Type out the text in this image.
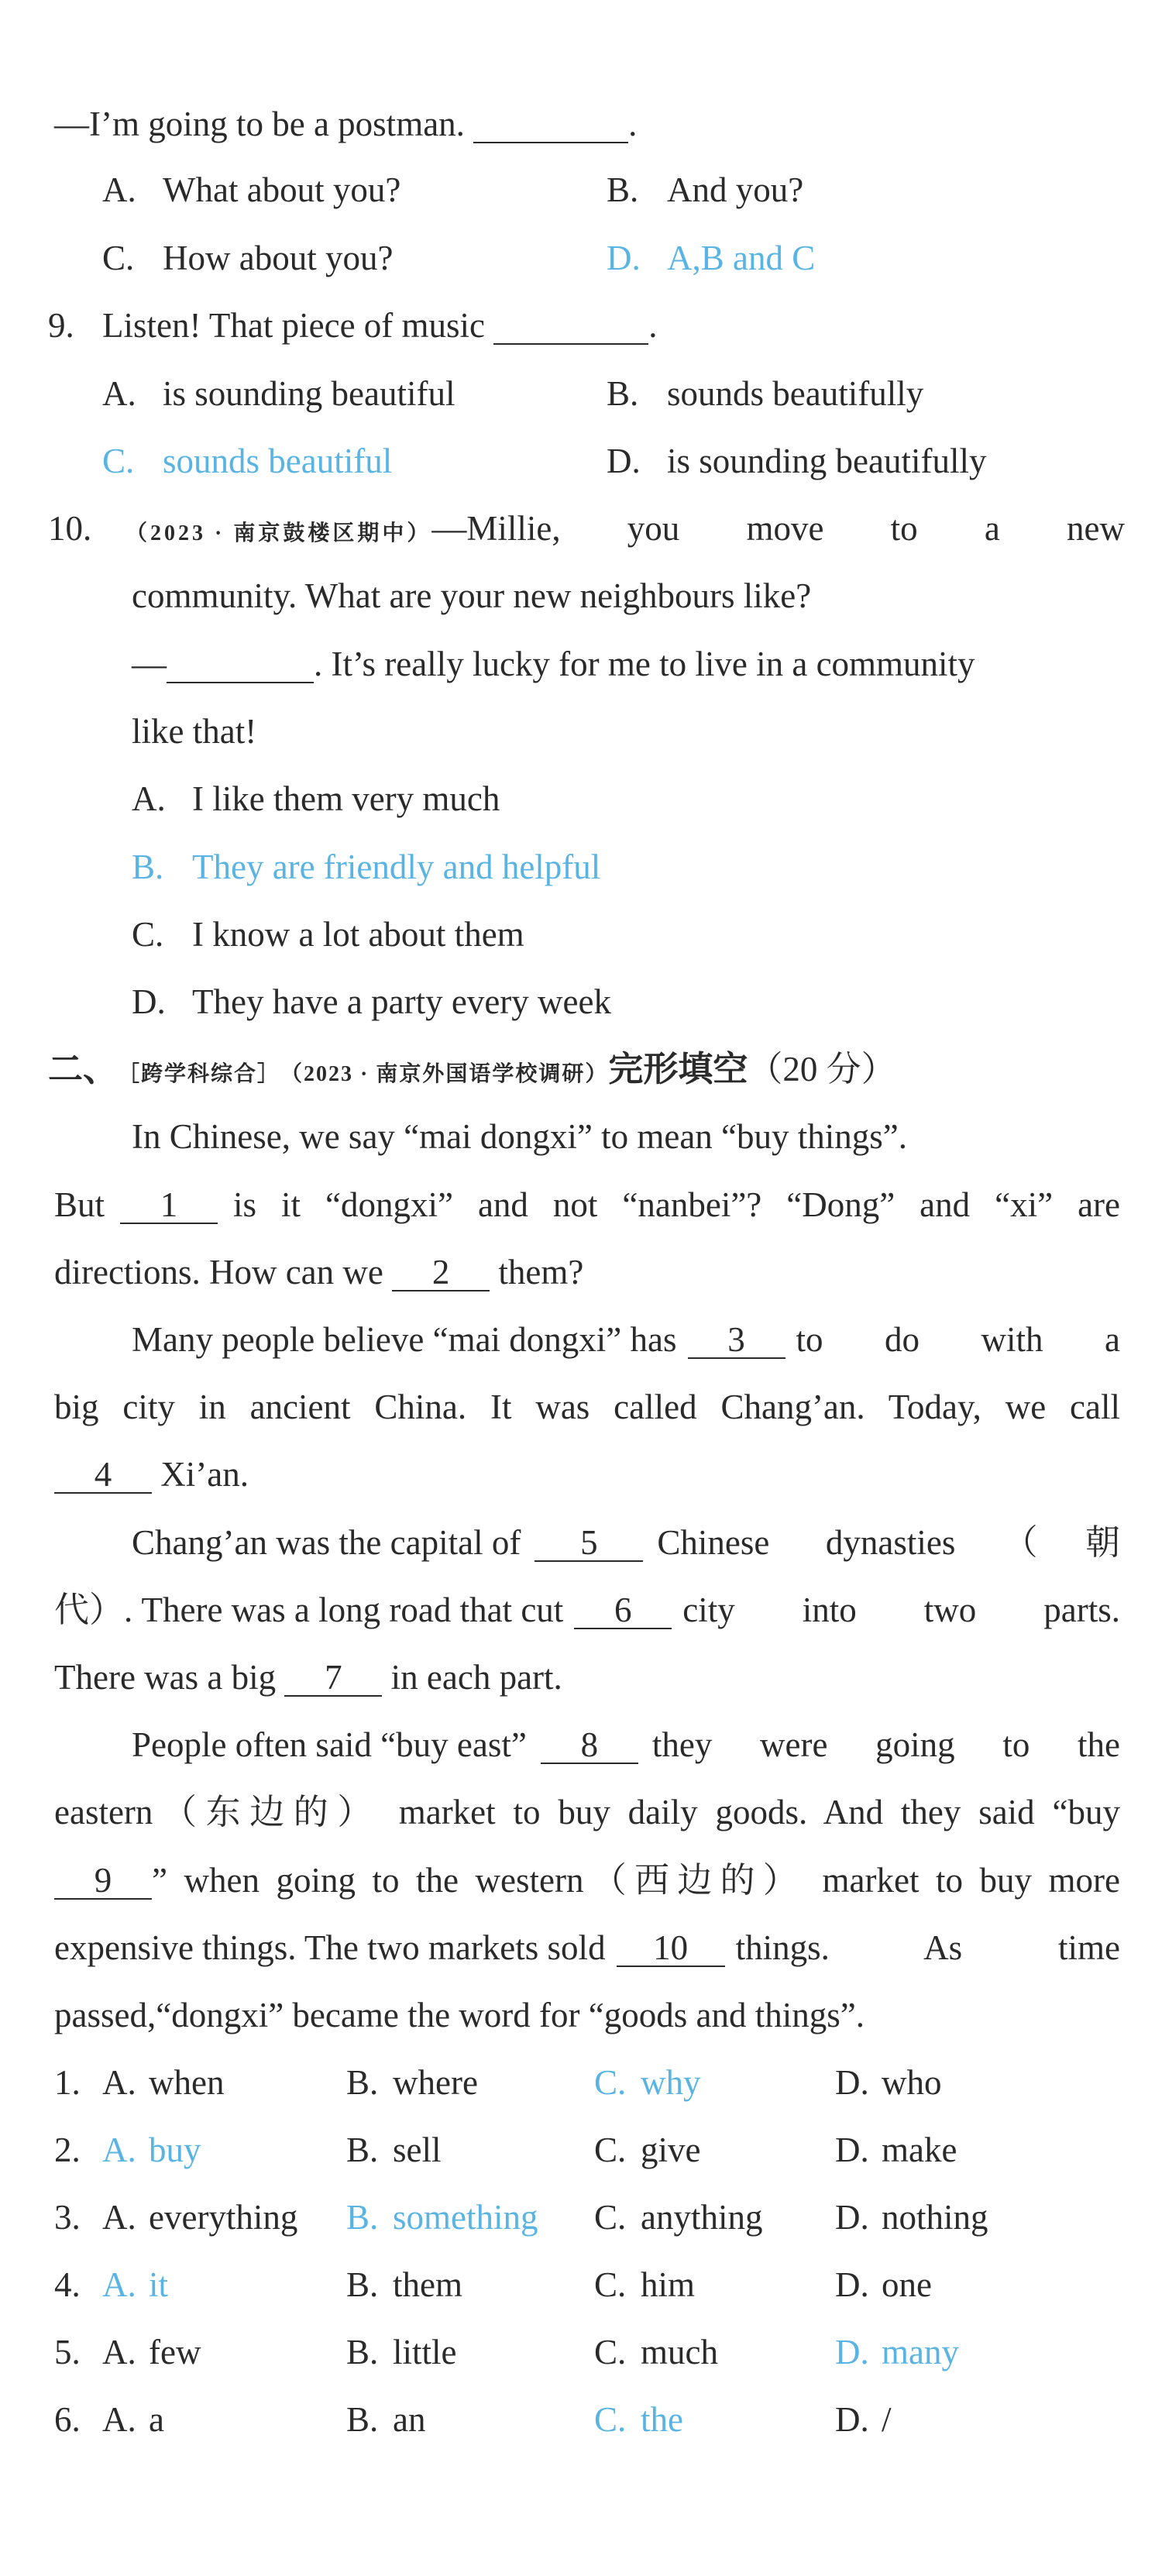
—I’m going to be a postman.	.
A. What about you?	B. And you?
C. How about you?	D. A,B and C
9. Listen! That piece of music	.
A. is sounding beautiful	B. sounds beautifully
C. sounds beautiful	D. is sounding beautifully
10.	（2023 · 南京鼓楼区期中） —Millie, you move to a new
community. What are your new neighbours like?
—	. It’s really lucky for me to live in a community
like that!
A. I like them very much
B. They are friendly and helpful
C. I know a lot about them
D. They have a party every week
二、 ［跨学科综合］ （2023 · 南京外国语学校调研） 完形填空 （20 分）
In Chinese, we say “mai dongxi” to mean “buy things”.
But	1	is it “dongxi” and not “nanbei”? “Dong” and “xi” are
directions. How can we 2 them?
Many people believe “mai dongxi” has	3	to do with a
big city in ancient China. It was called Chang’an. Today, we call
4 Xi’an.
Chang’an was the capital of	5	Chinese dynasties（朝
代）. There was a long road that cut	6	city into two parts.
There was a big 7 in each part.
People often said “buy east”	8	they were going to the
eastern（东边的） market to buy daily goods. And they said “buy
9	” when going to the western（西边的） market to buy more
expensive things. The two markets sold	10	things. As time
passed,“dongxi” became the word for “goods and things”.
1. A. when	B. where	C. why	D. who
2. A. buy	B. sell	C. give	D. make
3. A. everything B. something C. anything D. nothing
4. A. it	B. them	C. him	D. one
5. A. few	B. little	C. much	D. many
6. A. a	B. an	C. the	D. /
